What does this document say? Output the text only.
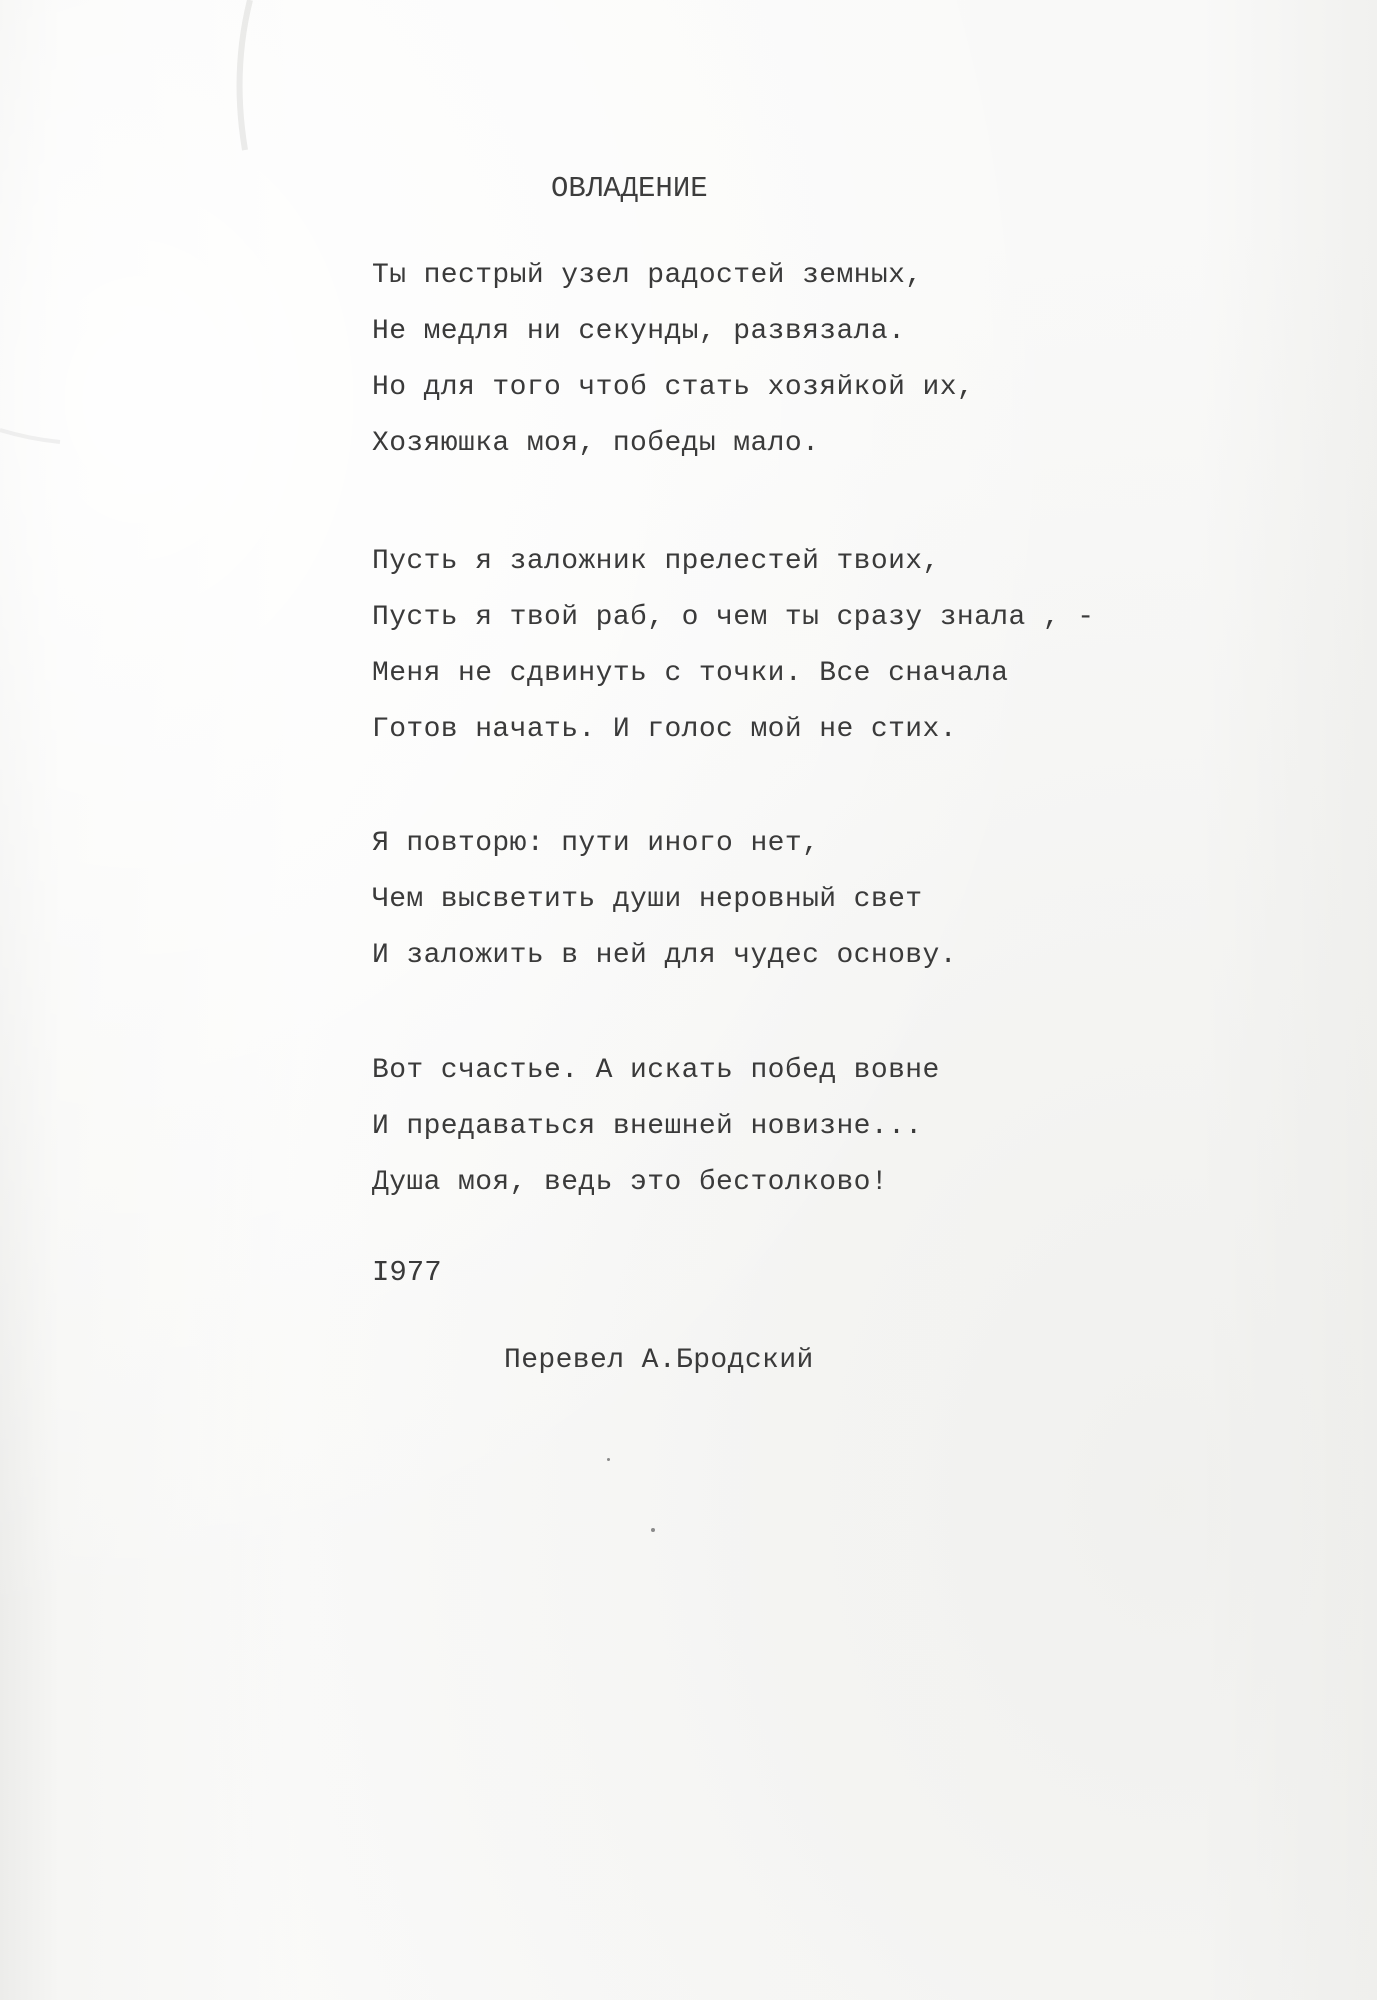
ОВЛАДЕНИЕ
Ты пестрый узел радостей земных,
Не медля ни секунды, развязала.
Но для того чтоб стать хозяйкой их,
Хозяюшка моя, победы мало.
Пусть я заложник прелестей твоих,
Пусть я твой раб, о чем ты сразу знала , -
Меня не сдвинуть с точки. Все сначала
Готов начать. И голос мой не стих.
Я повторю: пути иного нет,
Чем высветить души неровный свет
И заложить в ней для чудес основу.
Вот счастье. А искать побед вовне
И предаваться внешней новизне...
Душа моя, ведь это бестолково!
I977
Перевел А.Бродский
